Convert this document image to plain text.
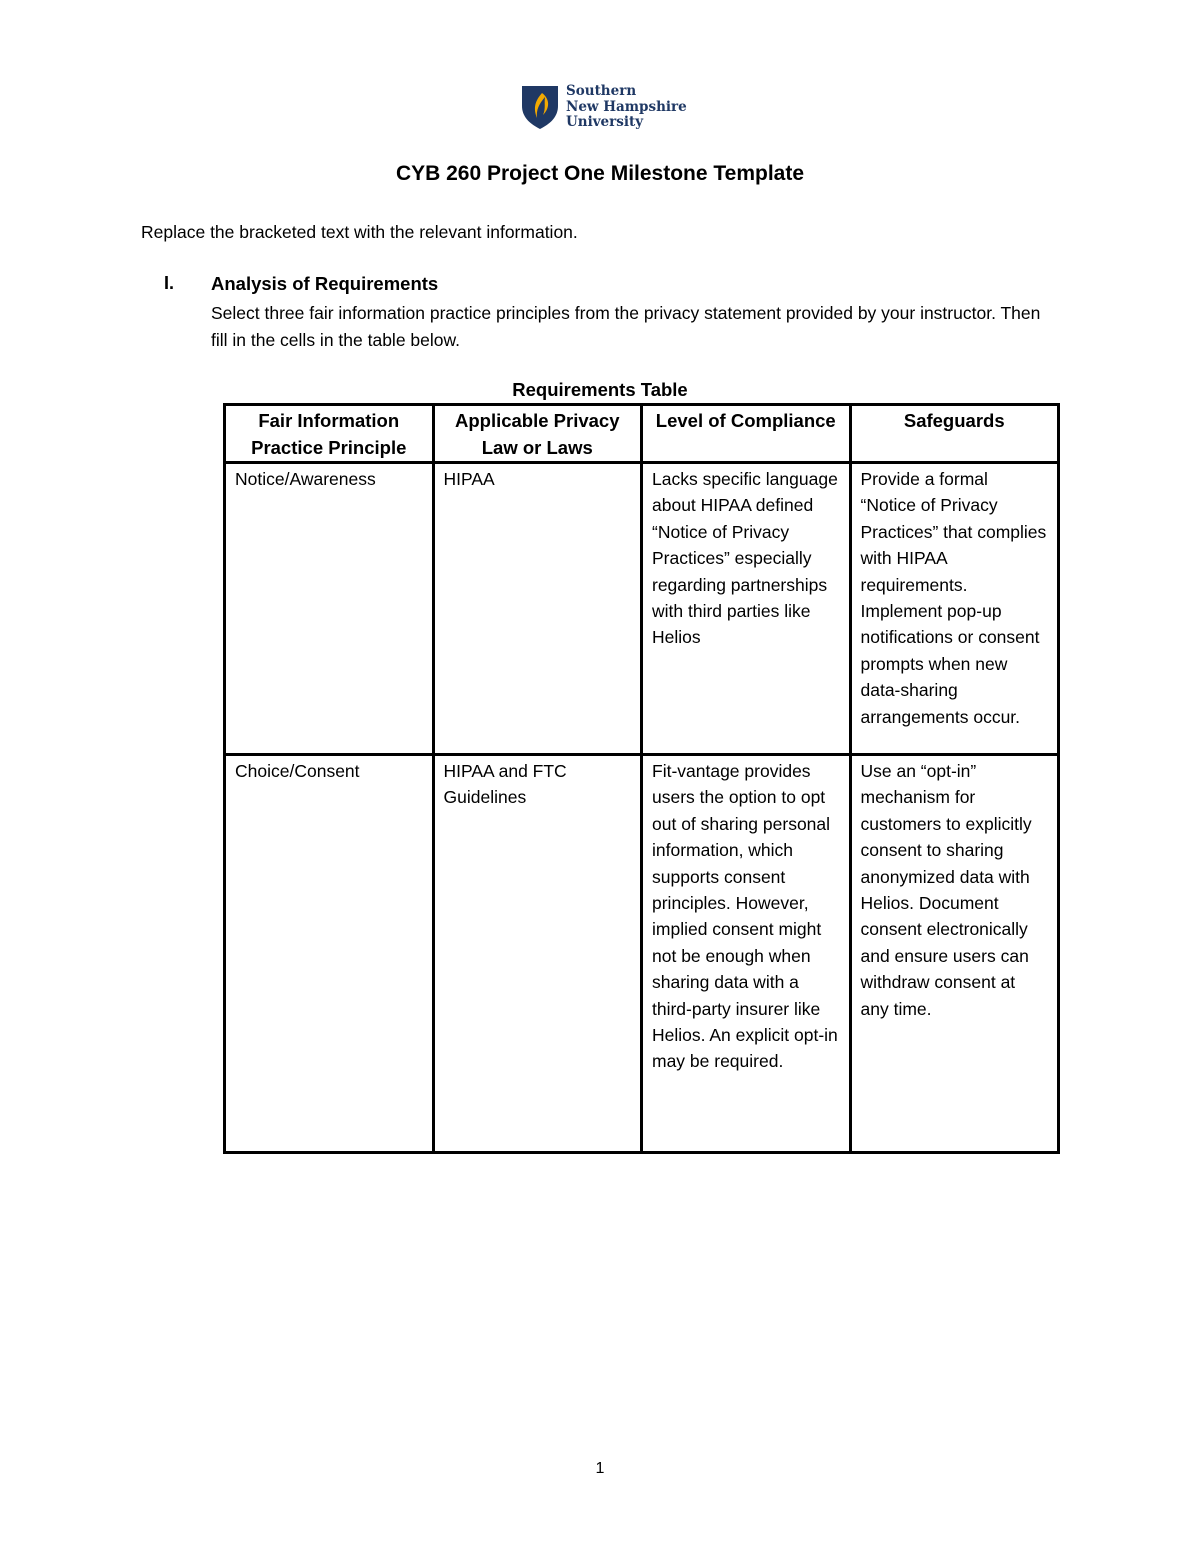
Southern
New Hampshire
University
CYB 260 Project One Milestone Template

Replace the bracketed text with the relevant information.

I. Analysis of Requirements

Select three fair information practice principles from the privacy statement provided by your instructor. Then fill in the cells in the table below.

Requirements Table

Fair Information Practice Principle	Applicable Privacy Law or Laws	Level of Compliance	Safeguards
Notice/Awareness	HIPAA	Lacks specific language about HIPAA defined “Notice of Privacy Practices” especially regarding partnerships with third parties like Helios	Provide a formal “Notice of Privacy Practices” that complies with HIPAA requirements. Implement pop-up notifications or consent prompts when new data-sharing arrangements occur.
Choice/Consent	HIPAA and FTC Guidelines	Fit-vantage provides users the option to opt out of sharing personal information, which supports consent principles. However, implied consent might not be enough when sharing data with a third-party insurer like Helios. An explicit opt-in may be required.	Use an “opt-in” mechanism for customers to explicitly consent to sharing anonymized data with Helios. Document consent electronically and ensure users can withdraw consent at any time.
1
